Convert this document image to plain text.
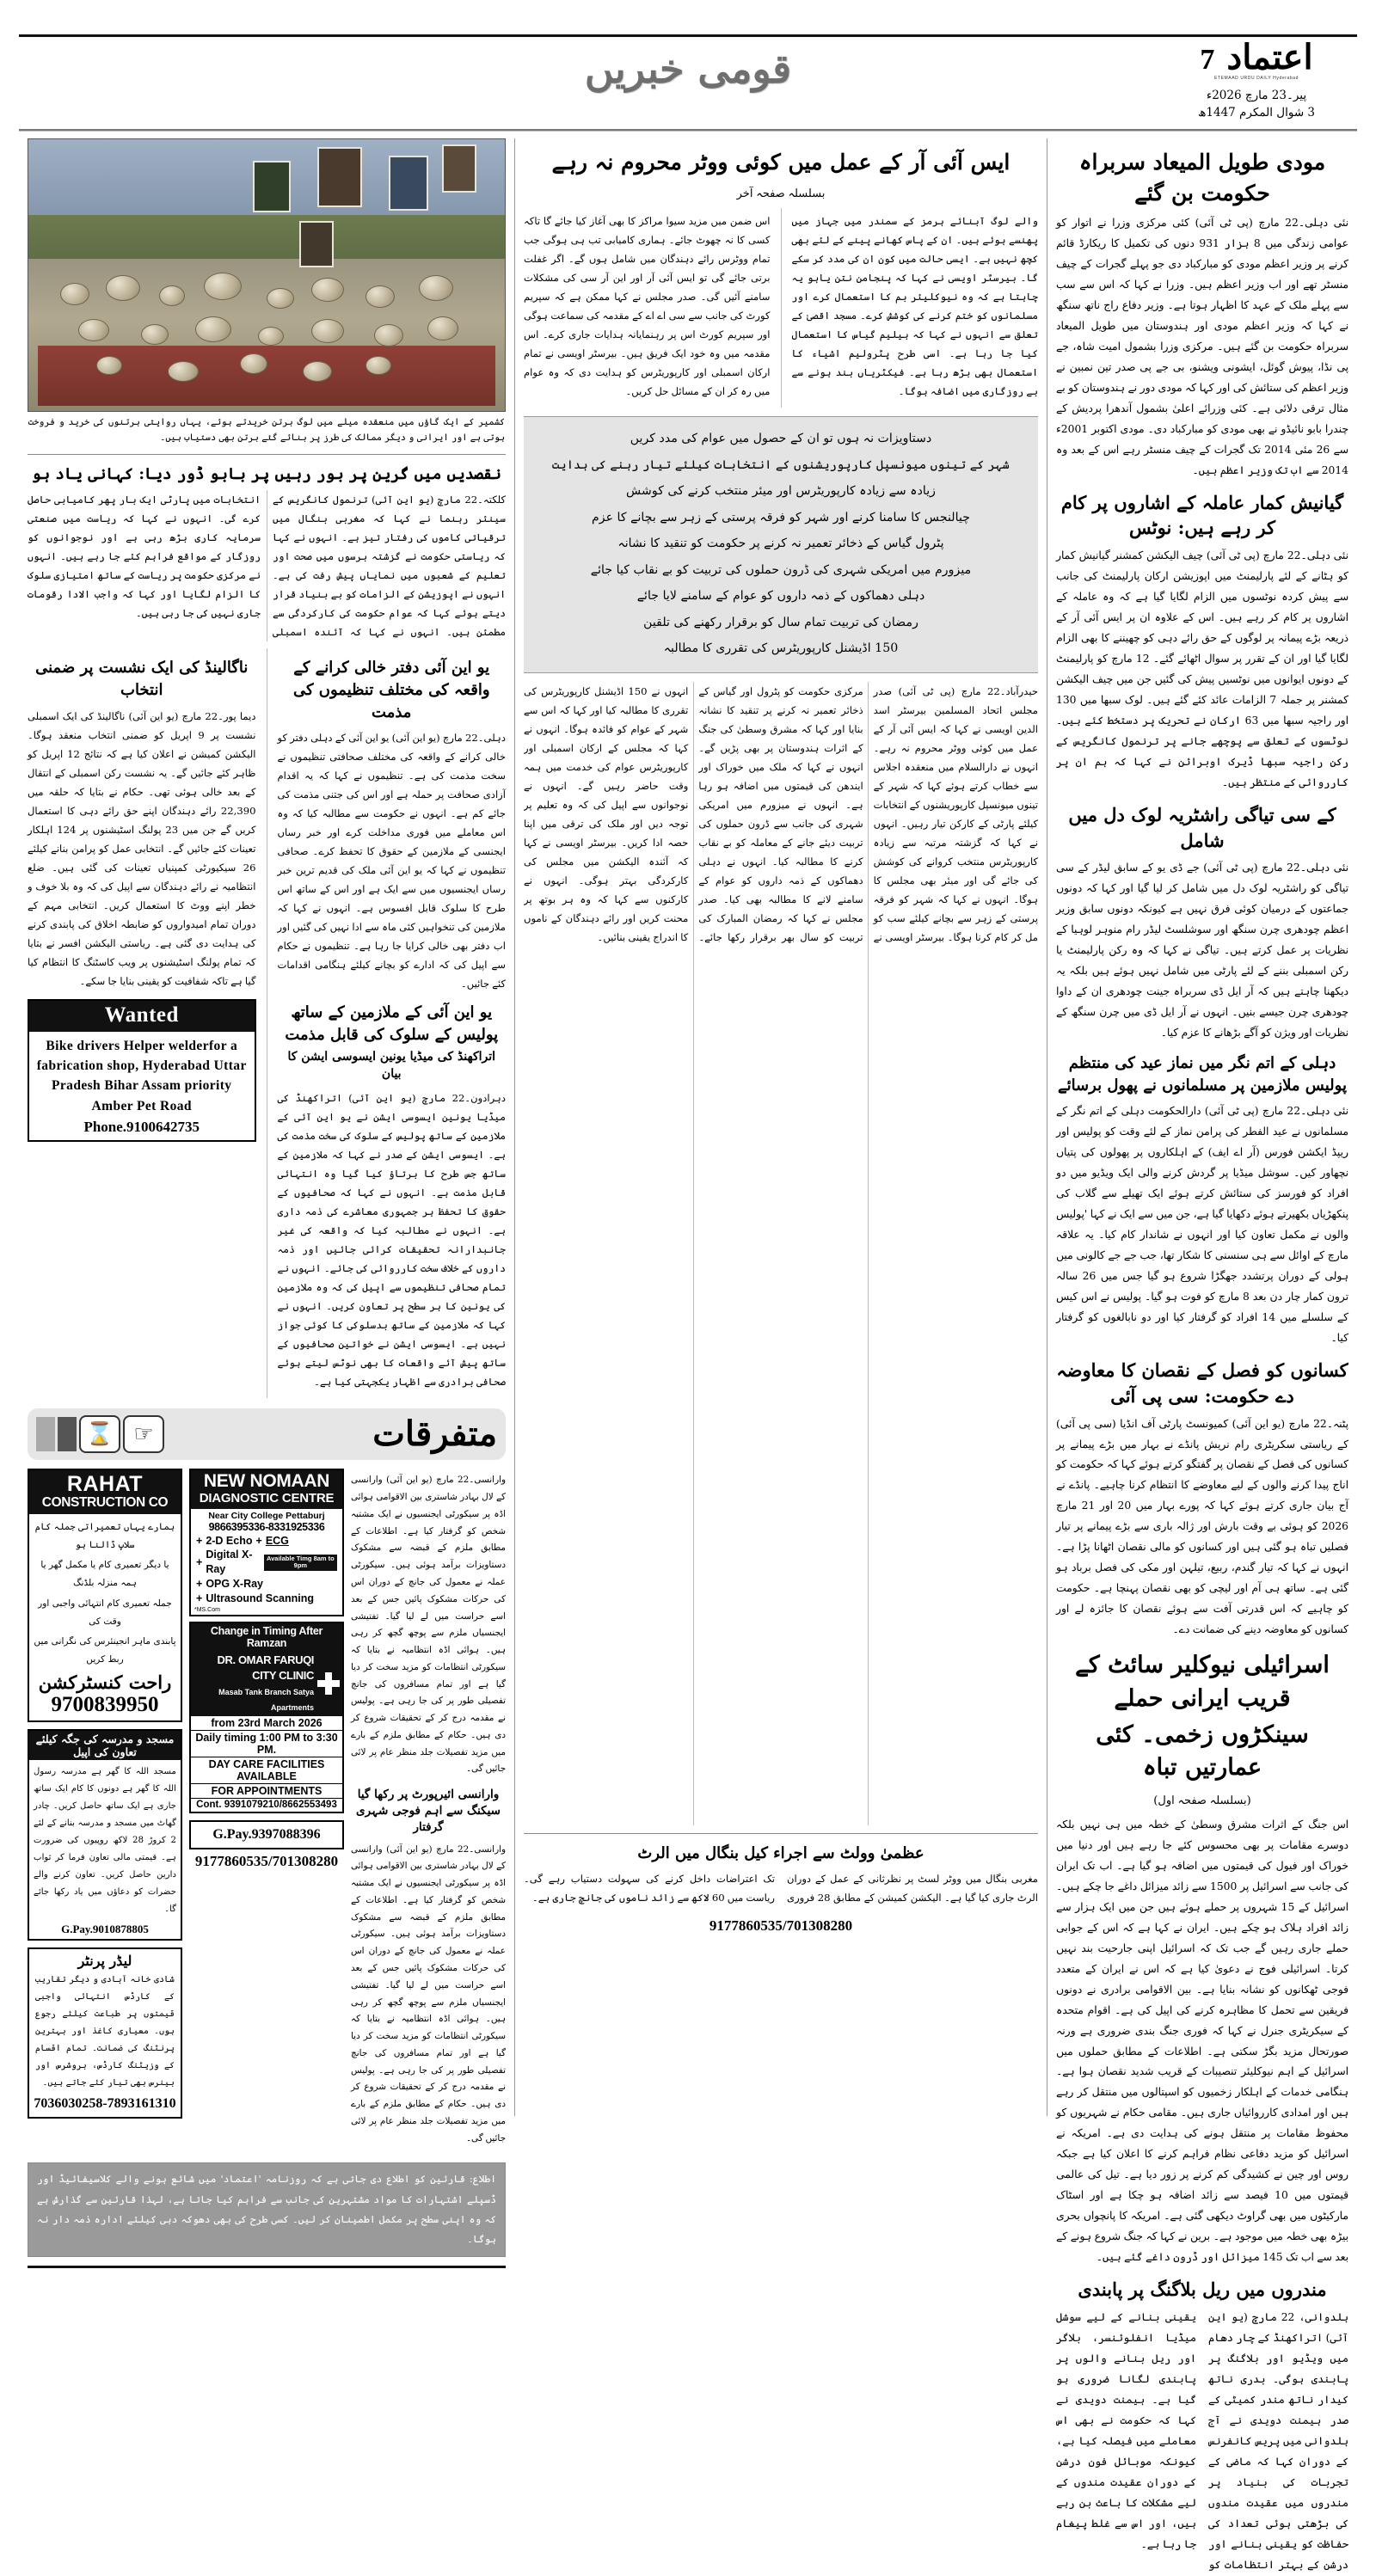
اعتماد
7
ETEMAAD URDU DAILY Hyderabad
پیر۔23 مارچ 2026ء
3 شوال المکرم 1447ھ
قومی خبریں
مودی طویل المیعاد سربراہ حکومت بن گئے
نئی دہلی۔22 مارچ (پی ٹی آئی) کئی مرکزی وزرا نے اتوار کو عوامی زندگی میں 8 ہزار 931 دنوں کی تکمیل کا ریکارڈ قائم کرنے پر وزیر اعظم مودی کو مبارکباد دی جو پہلے گجرات کے چیف منسٹر تھے اور اب وزیر اعظم ہیں۔ وزرا نے کہا کہ اس سے سب سے پہلے ملک کے عہد کا اظہار ہوتا ہے۔ وزیر دفاع راج ناتھ سنگھ نے کہا کہ وزیر اعظم مودی اور ہندوستان میں طویل المیعاد سربراہ حکومت بن گئے ہیں۔ مرکزی وزرا بشمول امیت شاہ، جے پی نڈا، پیوش گوئل، ایشونی ویشنو، بی جے پی صدر تین نمبین نے وزیر اعظم کی ستائش کی اور کہا کہ مودی دور نے ہندوستان کو بے مثال ترقی دلائی ہے۔ کئی وزرائے اعلیٰ بشمول آندھرا پردیش کے چندرا بابو نائیڈو نے بھی مودی کو مبارکباد دی۔ مودی اکتوبر 2001ء سے 26 مئی 2014 تک گجرات کے چیف منسٹر رہے اس کے بعد وہ 2014 سے اب تک وزیر اعظم ہیں۔
گیانیش کمار عاملہ کے اشاروں پر کام کر رہے ہیں: نوٹس
نئی دہلی۔22 مارچ (پی ٹی آئی) چیف الیکشن کمشنر گیانیش کمار کو ہٹانے کے لئے پارلیمنٹ میں اپوزیشن ارکان پارلیمنٹ کی جانب سے پیش کردہ نوٹسوں میں الزام لگایا گیا ہے کہ وہ عاملہ کے اشاروں پر کام کر رہے ہیں۔ اس کے علاوہ ان پر ایس آئی آر کے ذریعہ بڑے پیمانہ پر لوگوں کے حق رائے دہی کو چھیننے کا بھی الزام لگایا گیا اور ان کے تقرر پر سوال اٹھائے گئے۔ 12 مارچ کو پارلیمنٹ کے دونوں ایوانوں میں نوٹسیں پیش کی گئیں جن میں چیف الیکشن کمشنر پر جملہ 7 الزامات عائد کئے گئے ہیں۔ لوک سبھا میں 130 اور راجیہ سبھا میں 63 ارکان نے تحریک پر دستخط کئے ہیں۔ نوٹسوں کے تعلق سے پوچھے جانے پر ترنمول کانگریس کے رکن راجیہ سبھا ڈیرک اوبرائن نے کہا کہ ہم ان پر کارروائی کے منتظر ہیں۔
کے سی تیاگی راشٹریہ لوک دل میں شامل
نئی دہلی۔22 مارچ (پی ٹی آئی) جے ڈی یو کے سابق لیڈر کے سی تیاگی کو راشٹریہ لوک دل میں شامل کر لیا گیا اور کہا کہ دونوں جماعتوں کے درمیان کوئی فرق نہیں ہے کیونکہ دونوں سابق وزیر اعظم چودھری چرن سنگھ اور سوشلسٹ لیڈر رام منوہر لوہیا کے نظریات پر عمل کرتے ہیں۔ تیاگی نے کہا کہ وہ رکن پارلیمنٹ یا رکن اسمبلی بننے کے لئے پارٹی میں شامل نہیں ہوئے ہیں بلکہ یہ دیکھنا چاہتے ہیں کہ آر ایل ڈی سربراہ جینت چودھری ان کے داوا چودھری چرن جیسے بنیں۔ انہوں نے آر ایل ڈی میں چرن سنگھ کے نظریات اور ویژن کو آگے بڑھانے کا عزم کیا۔
دہلی کے اتم نگر میں نماز عید کی منتظم پولیس ملازمین پر مسلمانوں نے پھول برسائے
نئی دہلی۔22 مارچ (پی ٹی آئی) دارالحکومت دہلی کے اتم نگر کے مسلمانوں نے عید الفطر کی پرامن نماز کے لئے وقت کو پولیس اور ریپڈ ایکشن فورس (آر اے ایف) کے اہلکاروں پر پھولوں کی پتیاں نچھاور کیں۔ سوشل میڈیا پر گردش کرنے والی ایک ویڈیو میں دو افراد کو فورسز کی ستائش کرتے ہوئے ایک تھیلے سے گلاب کی پنکھڑیاں بکھیرتے ہوئے دکھایا گیا ہے، جن میں سے ایک نے کہا 'پولیس والوں نے مکمل تعاون کیا اور انہوں نے شاندار کام کیا۔ یہ علاقہ مارچ کے اوائل سے ہی سنسنی کا شکار تھا، جب جے جے کالونی میں ہولی کے دوران پرتشدد جھگڑا شروع ہو گیا جس میں 26 سالہ ترون کمار چار دن بعد 8 مارچ کو فوت ہو گیا۔ پولیس نے اس کیس کے سلسلے میں 14 افراد کو گرفتار کیا اور دو نابالغوں کو گرفتار کیا۔
کسانوں کو فصل کے نقصان کا معاوضہ دے حکومت: سی پی آئی
پٹنہ۔22 مارچ (یو این آئی) کمیونسٹ پارٹی آف انڈیا (سی پی آئی) کے ریاستی سکریٹری رام نریش پانڈے نے بہار میں بڑے پیمانے پر کسانوں کی فصل کے نقصان پر گفتگو کرتے ہوئے کہا کہ حکومت کو اناج پیدا کرنے والوں کے لیے معاوضے کا انتظام کرنا چاہیے۔ پانڈے نے آج بیان جاری کرتے ہوئے کہا کہ پورے بہار میں 20 اور 21 مارچ 2026 کو ہوئی بے وقت بارش اور ژالہ باری سے بڑے پیمانے پر تیار فصلیں تباہ ہو گئی ہیں اور کسانوں کو مالی نقصان اٹھانا پڑا ہے۔ انہوں نے کہا کہ تیار گندم، ربیع، تیلہن اور مکی کی فصل برباد ہو گئی ہے۔ ساتھ ہی آم اور لیچی کو بھی نقصان پہنچا ہے۔ حکومت کو چاہیے کہ اس قدرتی آفت سے ہوئے نقصان کا جائزہ لے اور کسانوں کو معاوضہ دینے کی ضمانت دے۔
اسرائیلی نیوکلیر سائٹ کے قریب ایرانی حملے
سینکڑوں زخمی۔ کئی عمارتیں تباہ
(بسلسلہ صفحہ اول)
اس جنگ کے اثرات مشرق وسطیٰ کے خطہ میں ہی نہیں بلکہ دوسرے مقامات پر بھی محسوس کئے جا رہے ہیں اور دنیا میں خوراک اور فیول کی قیمتوں میں اضافہ ہو گیا ہے۔ اب تک ایران کی جانب سے اسرائیل پر 1500 سے زائد میزائل داغے جا چکے ہیں۔ اسرائیل کے 15 شہروں پر حملے ہوئے ہیں جن میں ایک ہزار سے زائد افراد ہلاک ہو چکے ہیں۔ ایران نے کہا ہے کہ اس کے جوابی حملے جاری رہیں گے جب تک کہ اسرائیل اپنی جارحیت بند نہیں کرتا۔ اسرائیلی فوج نے دعویٰ کیا ہے کہ اس نے ایران کے متعدد فوجی ٹھکانوں کو نشانہ بنایا ہے۔ بین الاقوامی برادری نے دونوں فریقین سے تحمل کا مظاہرہ کرنے کی اپیل کی ہے۔ اقوام متحدہ کے سیکریٹری جنرل نے کہا کہ فوری جنگ بندی ضروری ہے ورنہ صورتحال مزید بگڑ سکتی ہے۔ اطلاعات کے مطابق حملوں میں اسرائیل کے اہم نیوکلیئر تنصیبات کے قریب شدید نقصان ہوا ہے۔ ہنگامی خدمات کے اہلکار زخمیوں کو اسپتالوں میں منتقل کر رہے ہیں اور امدادی کارروائیاں جاری ہیں۔ مقامی حکام نے شہریوں کو محفوظ مقامات پر منتقل ہونے کی ہدایت دی ہے۔ امریکہ نے اسرائیل کو مزید دفاعی نظام فراہم کرنے کا اعلان کیا ہے جبکہ روس اور چین نے کشیدگی کم کرنے پر زور دیا ہے۔ تیل کی عالمی قیمتوں میں 10 فیصد سے زائد اضافہ ہو چکا ہے اور اسٹاک مارکیٹوں میں بھی گراوٹ دیکھی گئی ہے۔ امریکہ کا پانچواں بحری بیڑہ بھی خطہ میں موجود ہے۔ برین نے کہا کہ جنگ شروع ہونے کے بعد سے اب تک 145 میزائل اور ڈرون داغے گئے ہیں۔
مندروں میں ریل بلاگنگ پر پابندی
ہلدوانی، 22 مارچ (یو این آئی) اتراکھنڈ کے چار دھام میں ویڈیو اور بلاگنگ پر پابندی ہوگی۔ بدری ناتھ کیدار ناتھ مندر کمیٹی کے صدر ہیمنت دویدی نے آج ہلدوانی میں پریس کانفرنس کے دوران کہا کہ ماضی کے تجربات کی بنیاد پر مندروں میں عقیدت مندوں کی بڑھتی ہوئی تعداد کی حفاظت کو یقینی بنانے اور درشن کے بہتر انتظامات کو یقینی بنانے کے لیے سوشل میڈیا انفلوئنسر، بلاگر اور ریل بنانے والوں پر پابندی لگانا ضروری ہو گیا ہے۔ ہیمنت دویدی نے کہا کہ حکومت نے بھی اس معاملے میں فیصلہ کیا ہے، کیونکہ موبائل فون درشن کے دوران عقیدت مندوں کے لیے مشکلات کا باعث بن رہے ہیں، اور اس سے غلط پیغام جا رہا ہے۔
ایس آئی آر کے عمل میں کوئی ووٹر محروم نہ رہے
بسلسلہ صفحہ آخر
والے لوگ آبنائے ہرمز کے سمندر میں جہاز میں پھنسے ہوئے ہیں۔ ان کے پاس کھانے پینے کے لئے بھی کچھ نہیں ہے۔ ایسی حالت میں کون ان کی مدد کر سکے گا۔ بیرسٹر اویسی نے کہا کہ پنجامن نتن یاہو یہ چاہتا ہے کہ وہ نیوکلیئر بم کا استعمال کرے اور مسلمانوں کو ختم کرنے کی کوشش کرے۔ مسجد اقصیٰ کے تعلق سے انہوں نے کہا کہ ہیلیم گیاس کا استعمال کیا جا رہا ہے۔ اسی طرح پٹرولیم اشیاء کا استعمال بھی بڑھ رہا ہے۔ فیکٹریاں بند ہونے سے بے روزگاری میں اضافہ ہوگا۔
اس ضمن میں مزید سیوا مراکز کا بھی آغاز کیا جائے گا تاکہ کسی کا نہ چھوٹ جائے۔ ہماری کامیابی تب ہی ہوگی جب تمام ووٹرس رائے دہندگان میں شامل ہوں گے۔ اگر غفلت برتی جائے گی تو ایس آئی آر اور این آر سی کی مشکلات سامنے آئیں گی۔ صدر مجلس نے کہا ممکن ہے کہ سپریم کورٹ کی جانب سے سی اے اے کے مقدمہ کی سماعت ہوگی اور سپریم کورٹ اس پر رہنمایانہ ہدایات جاری کرے۔ اس مقدمہ میں وہ خود ایک فریق ہیں۔ بیرسٹر اویسی نے تمام ارکان اسمبلی اور کارپوریٹرس کو ہدایت دی کہ وہ عوام میں رہ کر ان کے مسائل حل کریں۔
دستاویزات نہ ہوں تو ان کے حصول میں عوام کی مدد کریں
شہر کے تینوں میونسپل کارپوریشنوں کے انتخابات کیلئے تیار رہنے کی ہدایت
زیادہ سے زیادہ کارپوریٹرس اور میئر منتخب کرنے کی کوشش
چیالنجس کا سامنا کرنے اور شہر کو فرقہ پرستی کے زہر سے بچانے کا عزم
پٹرول گیاس کے ذخائر تعمیر نہ کرنے پر حکومت کو تنقید کا نشانہ
میزورم میں امریکی شہری کی ڈرون حملوں کی تربیت کو بے نقاب کیا جائے
دہلی دھماکوں کے ذمہ داروں کو عوام کے سامنے لایا جائے
رمضان کی تربیت تمام سال کو برقرار رکھنے کی تلقین
150 اڈیشنل کارپوریٹرس کی تقرری کا مطالبہ
حیدرآباد۔22 مارچ (پی ٹی آئی) صدر مجلس اتحاد المسلمین بیرسٹر اسد الدین اویسی نے کہا کہ ایس آئی آر کے عمل میں کوئی ووٹر محروم نہ رہے۔ انہوں نے دارالسلام میں منعقدہ اجلاس سے خطاب کرتے ہوئے کہا کہ شہر کے تینوں میونسپل کارپوریشنوں کے انتخابات کیلئے پارٹی کے کارکن تیار رہیں۔ انہوں نے کہا کہ گزشتہ مرتبہ سے زیادہ کارپوریٹرس منتخب کروانے کی کوشش کی جائے گی اور میئر بھی مجلس کا ہوگا۔ انہوں نے کہا کہ شہر کو فرقہ پرستی کے زہر سے بچانے کیلئے سب کو مل کر کام کرنا ہوگا۔ بیرسٹر اویسی نے مرکزی حکومت کو پٹرول اور گیاس کے ذخائر تعمیر نہ کرنے پر تنقید کا نشانہ بنایا اور کہا کہ مشرق وسطیٰ کی جنگ کے اثرات ہندوستان پر بھی پڑیں گے۔ انہوں نے کہا کہ ملک میں خوراک اور ایندھن کی قیمتوں میں اضافہ ہو رہا ہے۔ انہوں نے میزورم میں امریکی شہری کی جانب سے ڈرون حملوں کی تربیت دیئے جانے کے معاملہ کو بے نقاب کرنے کا مطالبہ کیا۔ انہوں نے دہلی دھماکوں کے ذمہ داروں کو عوام کے سامنے لانے کا مطالبہ بھی کیا۔ صدر مجلس نے کہا کہ رمضان المبارک کی تربیت کو سال بھر برقرار رکھا جائے۔ انہوں نے 150 اڈیشنل کارپوریٹرس کی تقرری کا مطالبہ کیا اور کہا کہ اس سے شہر کے عوام کو فائدہ ہوگا۔ انہوں نے کہا کہ مجلس کے ارکان اسمبلی اور کارپوریٹرس عوام کی خدمت میں ہمہ وقت حاضر رہیں گے۔ انہوں نے نوجوانوں سے اپیل کی کہ وہ تعلیم پر توجہ دیں اور ملک کی ترقی میں اپنا حصہ ادا کریں۔ بیرسٹر اویسی نے کہا کہ آئندہ الیکشن میں مجلس کی کارکردگی بہتر ہوگی۔ انہوں نے کارکنوں سے کہا کہ وہ ہر بوتھ پر محنت کریں اور رائے دہندگان کے ناموں کا اندراج یقینی بنائیں۔
عظمیٰ وولٹ سے اجراء کیل بنگال میں الرٹ
مغربی بنگال میں ووٹر لسٹ پر نظرثانی کے عمل کے دوران الرٹ جاری کیا گیا ہے۔ الیکشن کمیشن کے مطابق 28 فروری تک اعتراضات داخل کرنے کی سہولت دستیاب رہے گی۔ ریاست میں 60 لاکھ سے زائد ناموں کی جانچ جاری ہے۔
9177860535/701308280
کشمیر کے ایک گاؤں میں منعقدہ میلے میں لوگ برتن خریدتے ہوئے، یہاں روایتی برتنوں کی خرید و فروخت ہوتی ہے اور ایرانی و دیگر ممالک کی طرز پر بنائے گئے برتن بھی دستیاب ہیں۔
نقصدیں میں گرین پر بور رہیں پر بابو ڈور دیا: کہانی یاد ہو
کلکتہ۔22 مارچ (یو این آئی) ترنمول کانگریس کے سینئر رہنما نے کہا کہ مغربی بنگال میں ترقیاتی کاموں کی رفتار تیز ہے۔ انہوں نے کہا کہ ریاستی حکومت نے گزشتہ برسوں میں صحت اور تعلیم کے شعبوں میں نمایاں پیش رفت کی ہے۔ انہوں نے اپوزیشن کے الزامات کو بے بنیاد قرار دیتے ہوئے کہا کہ عوام حکومت کی کارکردگی سے مطمئن ہیں۔ انہوں نے کہا کہ آئندہ اسمبلی انتخابات میں پارٹی ایک بار پھر کامیابی حاصل کرے گی۔ انہوں نے کہا کہ ریاست میں صنعتی سرمایہ کاری بڑھ رہی ہے اور نوجوانوں کو روزگار کے مواقع فراہم کئے جا رہے ہیں۔ انہوں نے مرکزی حکومت پر ریاست کے ساتھ امتیازی سلوک کا الزام لگایا اور کہا کہ واجب الادا رقومات جاری نہیں کی جا رہی ہیں۔
یو این آئی دفتر خالی کرانے کے واقعہ کی مختلف تنظیموں کی مذمت
دہلی۔22 مارچ (یو این آئی) یو این آئی کے دہلی دفتر کو خالی کرانے کے واقعہ کی مختلف صحافتی تنظیموں نے سخت مذمت کی ہے۔ تنظیموں نے کہا کہ یہ اقدام آزادی صحافت پر حملہ ہے اور اس کی جتنی مذمت کی جائے کم ہے۔ انہوں نے حکومت سے مطالبہ کیا کہ وہ اس معاملے میں فوری مداخلت کرے اور خبر رساں ایجنسی کے ملازمین کے حقوق کا تحفظ کرے۔ صحافی تنظیموں نے کہا کہ یو این آئی ملک کی قدیم ترین خبر رساں ایجنسیوں میں سے ایک ہے اور اس کے ساتھ اس طرح کا سلوک قابل افسوس ہے۔ انہوں نے کہا کہ ملازمین کی تنخواہیں کئی ماہ سے ادا نہیں کی گئیں اور اب دفتر بھی خالی کرایا جا رہا ہے۔ تنظیموں نے حکام سے اپیل کی کہ ادارے کو بچانے کیلئے ہنگامی اقدامات کئے جائیں۔
یو این آئی کے ملازمین کے ساتھ پولیس کے سلوک کی قابل مذمت
اتراکھنڈ کی میڈیا یونین ایسوسی ایشن کا بیان
دہرادون۔22 مارچ (یو این آئی) اتراکھنڈ کی میڈیا یونین ایسوسی ایشن نے یو این آئی کے ملازمین کے ساتھ پولیس کے سلوک کی سخت مذمت کی ہے۔ ایسوسی ایشن کے صدر نے کہا کہ ملازمین کے ساتھ جس طرح کا برتاؤ کیا گیا وہ انتہائی قابل مذمت ہے۔ انہوں نے کہا کہ صحافیوں کے حقوق کا تحفظ ہر جمہوری معاشرے کی ذمہ داری ہے۔ انہوں نے مطالبہ کیا کہ واقعہ کی غیر جانبدارانہ تحقیقات کرائی جائیں اور ذمہ داروں کے خلاف سخت کارروائی کی جائے۔ انہوں نے تمام صحافی تنظیموں سے اپیل کی کہ وہ ملازمین کی یونین کا ہر سطح پر تعاون کریں۔ انہوں نے کہا کہ ملازمین کے ساتھ بدسلوکی کا کوئی جواز نہیں ہے۔ ایسوسی ایشن نے خواتین صحافیوں کے ساتھ پیش آئے واقعات کا بھی نوٹس لیتے ہوئے صحافی برادری سے اظہار یکجہتی کیا ہے۔
ناگالینڈ کی ایک نشست پر ضمنی انتخاب
دیما پور۔22 مارچ (یو این آئی) ناگالینڈ کی ایک اسمبلی نشست پر 9 اپریل کو ضمنی انتخاب منعقد ہوگا۔ الیکشن کمیشن نے اعلان کیا ہے کہ نتائج 12 اپریل کو ظاہر کئے جائیں گے۔ یہ نشست رکن اسمبلی کے انتقال کے بعد خالی ہوئی تھی۔ حکام نے بتایا کہ حلقہ میں 22,390 رائے دہندگان اپنے حق رائے دہی کا استعمال کریں گے جن میں 23 پولنگ اسٹیشنوں پر 124 اہلکار تعینات کئے جائیں گے۔ انتخابی عمل کو پرامن بنانے کیلئے 26 سیکیورٹی کمپنیاں تعینات کی گئی ہیں۔ ضلع انتظامیہ نے رائے دہندگان سے اپیل کی کہ وہ بلا خوف و خطر اپنے ووٹ کا استعمال کریں۔ انتخابی مہم کے دوران تمام امیدواروں کو ضابطہ اخلاق کی پابندی کرنے کی ہدایت دی گئی ہے۔ ریاستی الیکشن افسر نے بتایا کہ تمام پولنگ اسٹیشنوں پر ویب کاسٹنگ کا انتظام کیا گیا ہے تاکہ شفافیت کو یقینی بنایا جا سکے۔
Wanted
Bike drivers Helper welderfor a fabrication shop, Hyderabad Uttar Pradesh Bihar Assam priority Amber Pet Road
Phone.9100642735
متفرقات
☞
⌛
وارانسی۔22 مارچ (یو این آئی) وارانسی کے لال بہادر شاستری بین الاقوامی ہوائی اڈہ پر سیکورٹی ایجنسیوں نے ایک مشتبہ شخص کو گرفتار کیا ہے۔ اطلاعات کے مطابق ملزم کے قبضہ سے مشکوک دستاویزات برآمد ہوئی ہیں۔ سیکورٹی عملہ نے معمول کی جانچ کے دوران اس کی حرکات مشکوک پائیں جس کے بعد اسے حراست میں لے لیا گیا۔ تفتیشی ایجنسیاں ملزم سے پوچھ گچھ کر رہی ہیں۔ ہوائی اڈہ انتظامیہ نے بتایا کہ سیکورٹی انتظامات کو مزید سخت کر دیا گیا ہے اور تمام مسافروں کی جانچ تفصیلی طور پر کی جا رہی ہے۔ پولیس نے مقدمہ درج کر کے تحقیقات شروع کر دی ہیں۔ حکام کے مطابق ملزم کے بارے میں مزید تفصیلات جلد منظر عام پر لائی جائیں گی۔
وارانسی ائیرپورٹ پر رکھا گیا سیکنگ سے اہم فوجی شہری گرفتار
وارانسی۔22 مارچ (یو این آئی) وارانسی کے لال بہادر شاستری بین الاقوامی ہوائی اڈہ پر سیکورٹی ایجنسیوں نے ایک مشتبہ شخص کو گرفتار کیا ہے۔ اطلاعات کے مطابق ملزم کے قبضہ سے مشکوک دستاویزات برآمد ہوئی ہیں۔ سیکورٹی عملہ نے معمول کی جانچ کے دوران اس کی حرکات مشکوک پائیں جس کے بعد اسے حراست میں لے لیا گیا۔ تفتیشی ایجنسیاں ملزم سے پوچھ گچھ کر رہی ہیں۔ ہوائی اڈہ انتظامیہ نے بتایا کہ سیکورٹی انتظامات کو مزید سخت کر دیا گیا ہے اور تمام مسافروں کی جانچ تفصیلی طور پر کی جا رہی ہے۔ پولیس نے مقدمہ درج کر کے تحقیقات شروع کر دی ہیں۔ حکام کے مطابق ملزم کے بارے میں مزید تفصیلات جلد منظر عام پر لائی جائیں گی۔
NEW NOMAAN
DIAGNOSTIC CENTRE
Near City College Pettaburj
9866395336-8331925336
+ 2-D Echo + ECG
+
Digital X-Ray
Available Timg 8am to 9pm
+ OPG X-Ray
+ Ultrasound Scanning
*MS.Com
Change in Timing After Ramzan
DR. OMAR FARUQI CITY CLINIC
Masab Tank Branch Satya Apartments
from 23rd March 2026
Daily timing 1:00 PM to 3:30 PM.
DAY CARE FACILITIES AVAILABLE
FOR APPOINTMENTS
Cont. 9391079210/8662553493
G.Pay.9397088396
9177860535/701308280
RAHAT
CONSTRUCTION CO
ہمارے یہاں تعمیراتی جملہ کام سلاپ ڈالنا ہو
یا دیگر تعمیری کام یا مکمل گھر یا ہمہ منزلہ بلڈنگ
جملہ تعمیری کام انتہائی واجبی اور وقت کی
پابندی ماہر انجینئرس کی نگرانی میں ربط کریں
راحت کنسٹرکشن
9700839950
مسجد و مدرسہ کی جگہ کیلئے تعاون کی اپیل
مسجد اللہ کا گھر ہے مدرسہ رسول اللہ کا گھر ہے دونوں کا کام ایک ساتھ جاری ہے ایک ساتھ حاصل کریں۔ چادر گھاٹ میں مسجد و مدرسہ بنانے کے لئے 2 کروڑ 28 لاکھ روپیوں کی ضرورت ہے۔ قیمتی مالی تعاون فرما کر ثواب دارین حاصل کریں۔ تعاون کرنے والے حضرات کو دعاؤں میں یاد رکھا جائے گا۔
G.Pay.9010878805
لیڈر پرنٹر
شادی خانہ آبادی و دیگر تقاریب کے کارڈس انتہائی واجبی قیمتوں پر طباعت کیلئے رجوع ہوں۔ معیاری کاغذ اور بہترین پرنٹنگ کی ضمانت۔ تمام اقسام کے وزیٹنگ کارڈس، بروشرس اور بینرس بھی تیار کئے جاتے ہیں۔
7036030258-7893161310
اطلاع: قارئین کو اطلاع دی جاتی ہے کہ روزنامہ 'اعتماد' میں شائع ہونے والے کلاسیفائیڈ اور ڈسپلے اشتہارات کا مواد مشتہرین کی جانب سے فراہم کیا جاتا ہے، لہذا قارئین سے گذارش ہے کہ وہ اپنی سطح پر مکمل اطمینان کر لیں۔ کسی طرح کی بھی دھوکہ دہی کیلئے ادارہ ذمہ دار نہ ہوگا۔
